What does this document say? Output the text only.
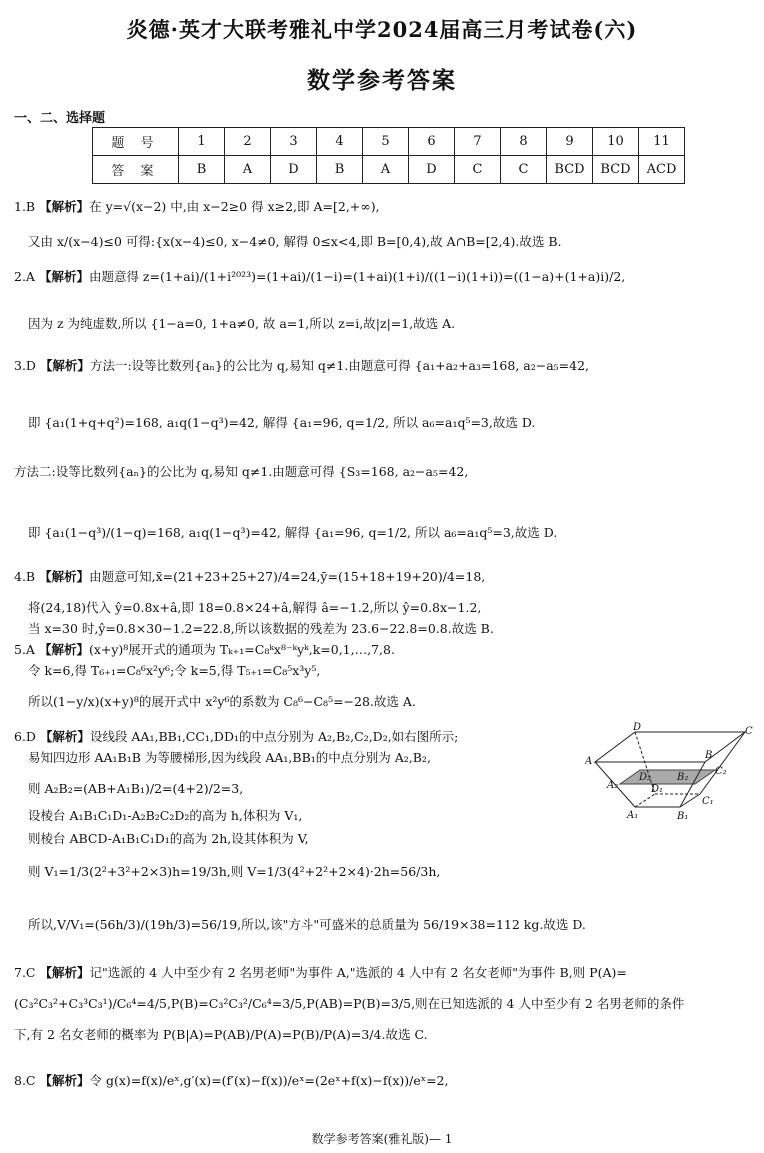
炎德·英才大联考雅礼中学2024届高三月考试卷(六)
数学参考答案
一、二、选择题
题 号	1	2	3	4	5	6	7	8	9	10	11
答 案	B	A	D	B	A	D	C	C	BCD	BCD	ACD
1.B 【解析】在 y=√(x−2) 中,由 x−2≥0 得 x≥2,即 A=[2,+∞),
又由 x/(x−4)≤0 可得:{x(x−4)≤0, x−4≠0, 解得 0≤x<4,即 B=[0,4),故 A∩B=[2,4).故选 B.
2.A 【解析】由题意得 z=(1+ai)/(1+i²⁰²³)=(1+ai)/(1−i)=(1+ai)(1+i)/((1−i)(1+i))=((1−a)+(1+a)i)/2,
因为 z 为纯虚数,所以 {1−a=0, 1+a≠0, 故 a=1,所以 z=i,故|z|=1,故选 A.
3.D 【解析】方法一:设等比数列{aₙ}的公比为 q,易知 q≠1.由题意可得 {a₁+a₂+a₃=168, a₂−a₅=42,
即 {a₁(1+q+q²)=168, a₁q(1−q³)=42, 解得 {a₁=96, q=1/2, 所以 a₆=a₁q⁵=3,故选 D.
方法二:设等比数列{aₙ}的公比为 q,易知 q≠1.由题意可得 {S₃=168, a₂−a₅=42,
即 {a₁(1−q³)/(1−q)=168, a₁q(1−q³)=42, 解得 {a₁=96, q=1/2, 所以 a₆=a₁q⁵=3,故选 D.
4.B 【解析】由题意可知,x̄=(21+23+25+27)/4=24,ȳ=(15+18+19+20)/4=18,
将(24,18)代入 ŷ=0.8x+â,即 18=0.8×24+â,解得 â=−1.2,所以 ŷ=0.8x−1.2,
当 x=30 时,ŷ=0.8×30−1.2=22.8,所以该数据的残差为 23.6−22.8=0.8.故选 B.
5.A 【解析】(x+y)⁸展开式的通项为 Tₖ₊₁=C₈ᵏx⁸⁻ᵏyᵏ,k=0,1,…,7,8.
令 k=6,得 T₆₊₁=C₈⁶x²y⁶;令 k=5,得 T₅₊₁=C₈⁵x³y⁵,
所以(1−y/x)(x+y)⁸的展开式中 x²y⁶的系数为 C₈⁶−C₈⁵=−28.故选 A.
6.D 【解析】设线段 AA₁,BB₁,CC₁,DD₁的中点分别为 A₂,B₂,C₂,D₂,如右图所示;
易知四边形 AA₁B₁B 为等腰梯形,因为线段 AA₁,BB₁的中点分别为 A₂,B₂,
则 A₂B₂=(AB+A₁B₁)/2=(4+2)/2=3,
设棱台 A₁B₁C₁D₁-A₂B₂C₂D₂的高为 h,体积为 V₁,
则棱台 ABCD-A₁B₁C₁D₁的高为 2h,设其体积为 V,
则 V₁=1/3(2²+3²+2×3)h=19/3h,则 V=1/3(4²+2²+2×4)·2h=56/3h,
所以,V/V₁=(56h/3)/(19h/3)=56/19,所以,该"方斗"可盛米的总质量为 56/19×38=112 kg.故选 D.
7.C 【解析】记"选派的 4 人中至少有 2 名男老师"为事件 A,"选派的 4 人中有 2 名女老师"为事件 B,则 P(A)=
(C₃²C₃²+C₃³C₃¹)/C₆⁴=4/5,P(B)=C₃²C₃²/C₆⁴=3/5,P(AB)=P(B)=3/5,则在已知选派的 4 人中至少有 2 名男老师的条件
下,有 2 名女老师的概率为 P(B|A)=P(AB)/P(A)=P(B)/P(A)=3/4.故选 C.
8.C 【解析】令 g(x)=f(x)/eˣ,g′(x)=(f′(x)−f(x))/eˣ=(2eˣ+f(x)−f(x))/eˣ=2,
D	C
A
B
D₂	B₂
C₂
A₂	D₁
C₁
A₁	B₁
数学参考答案(雅礼版)— 1
